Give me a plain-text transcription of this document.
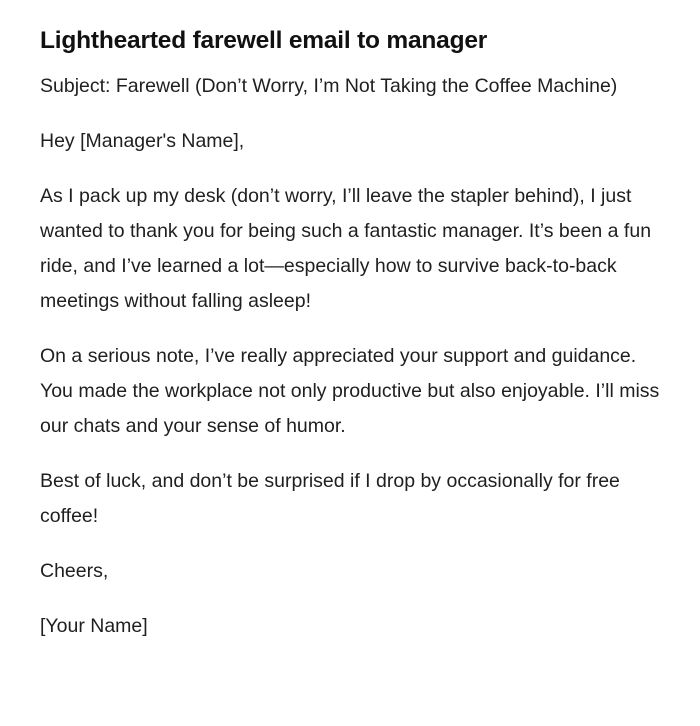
Lighthearted farewell email to manager

Subject: Farewell (Don’t Worry, I’m Not Taking the Coffee Machine)

Hey [Manager's Name],

As I pack up my desk (don’t worry, I’ll leave the stapler behind), I just wanted to thank you for being such a fantastic manager. It’s been a fun ride, and I’ve learned a lot—especially how to survive back-to-back meetings without falling asleep!

On a serious note, I’ve really appreciated your support and guidance. You made the workplace not only productive but also enjoyable. I’ll miss our chats and your sense of humor.

Best of luck, and don’t be surprised if I drop by occasionally for free coffee!

Cheers,

[Your Name]
